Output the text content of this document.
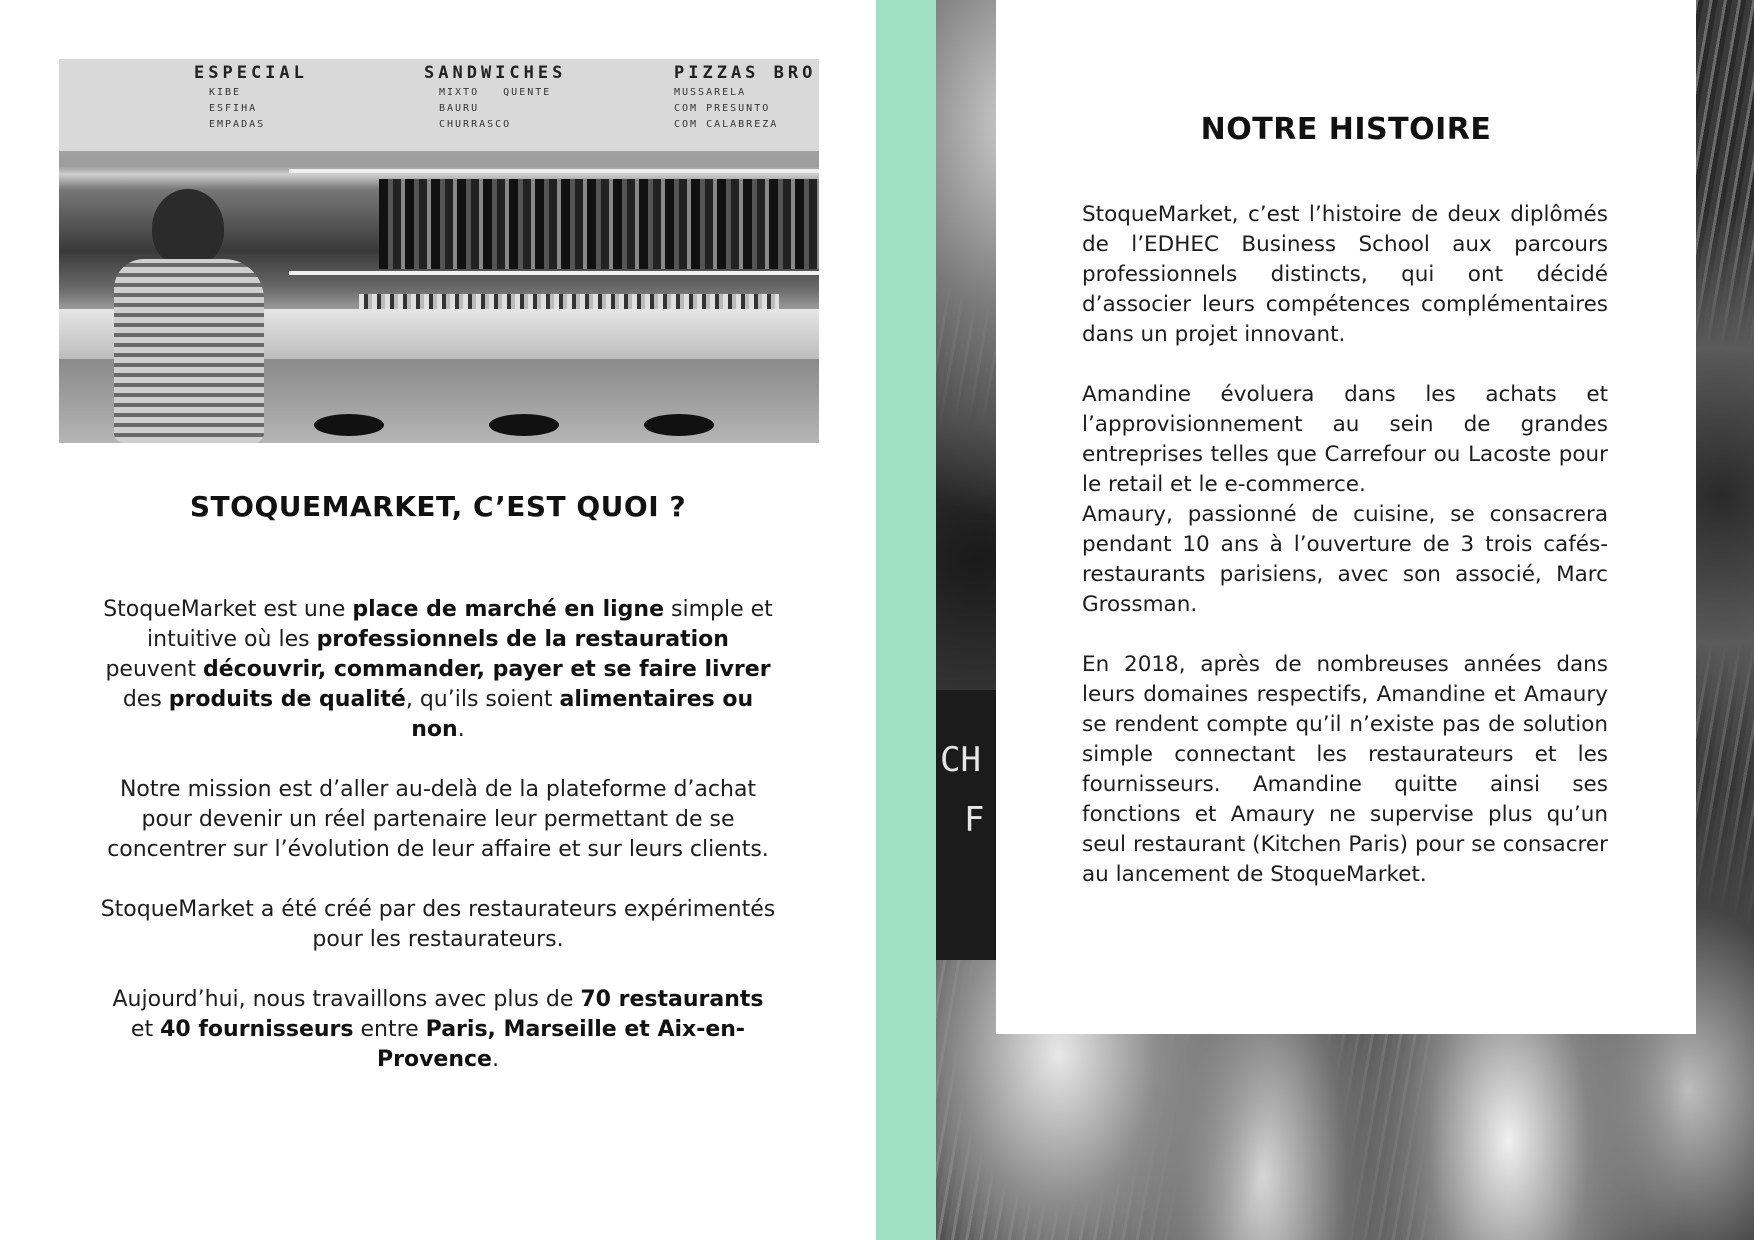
ESPECIAL
KIBE
ESFIHA
EMPADAS
SANDWICHES
MIXTO   QUENTE
BAURU
CHURRASCO
PIZZAS BRO
MUSSARELA
COM PRESUNTO
COM CALABREZA
STOQUEMARKET, C’EST QUOI ?

StoqueMarket est une place de marché en ligne simple et intuitive où les professionnels de la restauration peuvent découvrir, commander, payer et se faire livrer des produits de qualité, qu’ils soient alimentaires ou non.

Notre mission est d’aller au-delà de la plateforme d’achat pour devenir un réel partenaire leur permettant de se concentrer sur l’évolution de leur affaire et sur leurs clients.

StoqueMarket a été créé par des restaurateurs expérimentés pour les restaurateurs.

Aujourd’hui, nous travaillons avec plus de 70 restaurants et 40 fournisseurs entre Paris, Marseille et Aix-en-Provence.

CH
F
NOTRE HISTOIRE

StoqueMarket, c’est l’histoire de deux diplômés de l’EDHEC Business School aux parcours professionnels distincts, qui ont décidé d’associer leurs compétences complémentaires dans un projet innovant.

Amandine évoluera dans les achats et l’approvisionnement au sein de grandes entreprises telles que Carrefour ou Lacoste pour le retail et le e-commerce.

Amaury, passionné de cuisine, se consacrera pendant 10 ans à l’ouverture de 3 trois cafés-restaurants parisiens, avec son associé, Marc Grossman.

En 2018, après de nombreuses années dans leurs domaines respectifs, Amandine et Amaury se rendent compte qu’il n’existe pas de solution simple connectant les restaurateurs et les fournisseurs. Amandine quitte ainsi ses fonctions et Amaury ne supervise plus qu’un seul restaurant (Kitchen Paris) pour se consacrer au lancement de StoqueMarket.
